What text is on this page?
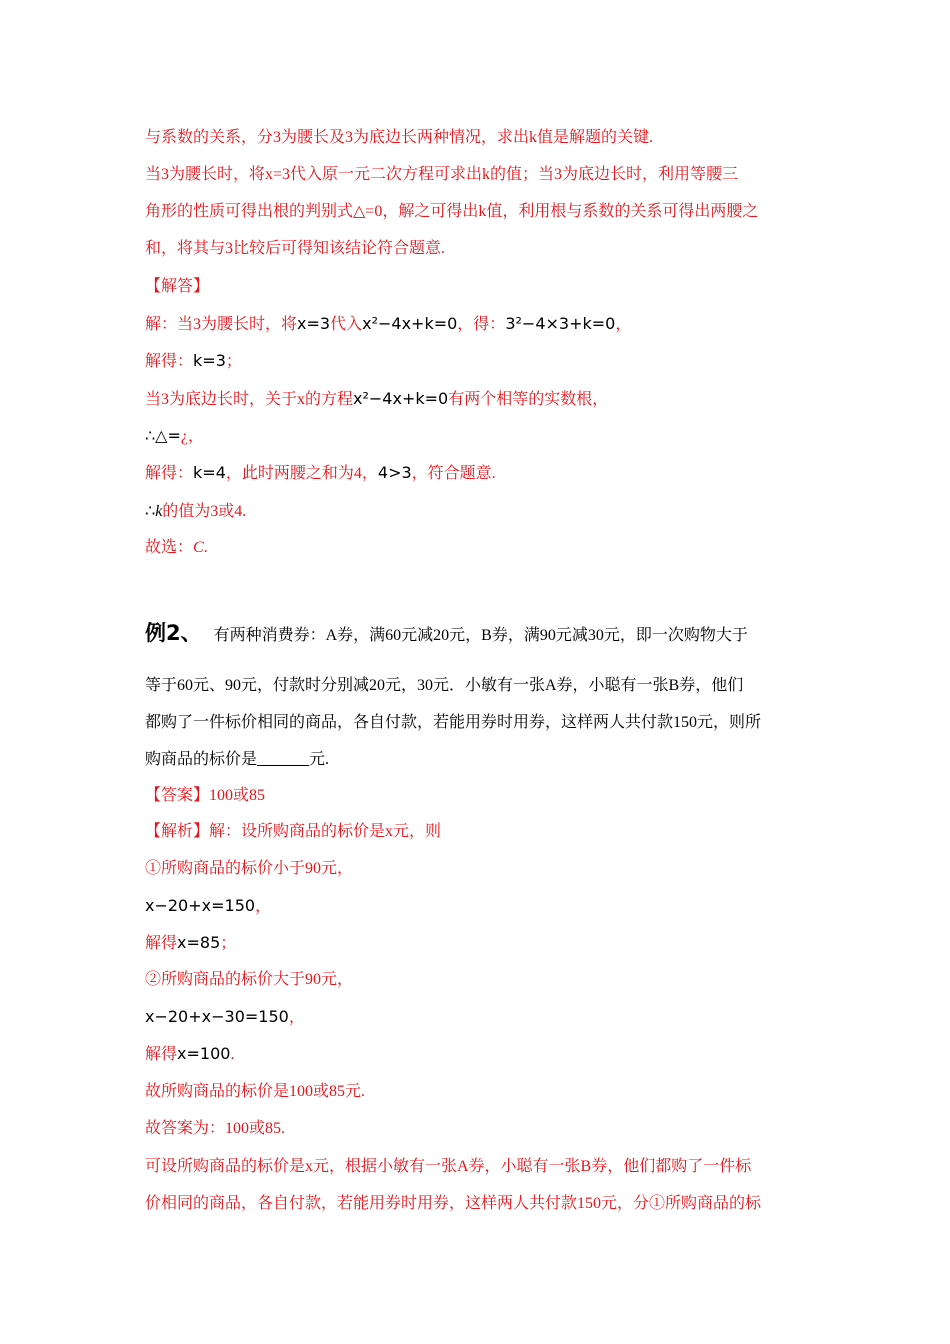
与系数的关系，分3为腰长及3为底边长两种情况，求出k值是解题的关键.
当3为腰长时，将x=3代入原一元二次方程可求出k的值；当3为底边长时，利用等腰三
角形的性质可得出根的判别式△=0，解之可得出k值，利用根与系数的关系可得出两腰之
和，将其与3比较后可得知该结论符合题意.
【解答】
解：当3为腰长时，将x=3代入x²−4x+k=0，得：3²−4×3+k=0，
解得：k=3；
当3为底边长时，关于x的方程x²−4x+k=0有两个相等的实数根，
∴△=¿，
解得：k=4，此时两腰之和为4，4>3，符合题意.
∴k的值为3或4.
故选：C.
例2、 有两种消费券：A券，满60元减20元，B券，满90元减30元，即一次购物大于
等于60元、90元，付款时分别减20元，30元．小敏有一张A券，小聪有一张B券，他们
都购了一件标价相同的商品，各自付款，若能用券时用券，这样两人共付款150元，则所
购商品的标价是	元.
【答案】100或85
【解析】解：设所购商品的标价是x元，则
①所购商品的标价小于90元，
x−20+x=150，
解得x=85；
②所购商品的标价大于90元，
x−20+x−30=150，
解得x=100.
故所购商品的标价是100或85元.
故答案为：100或85.
可设所购商品的标价是x元，根据小敏有一张A券，小聪有一张B券，他们都购了一件标
价相同的商品，各自付款，若能用券时用券，这样两人共付款150元，分①所购商品的标
